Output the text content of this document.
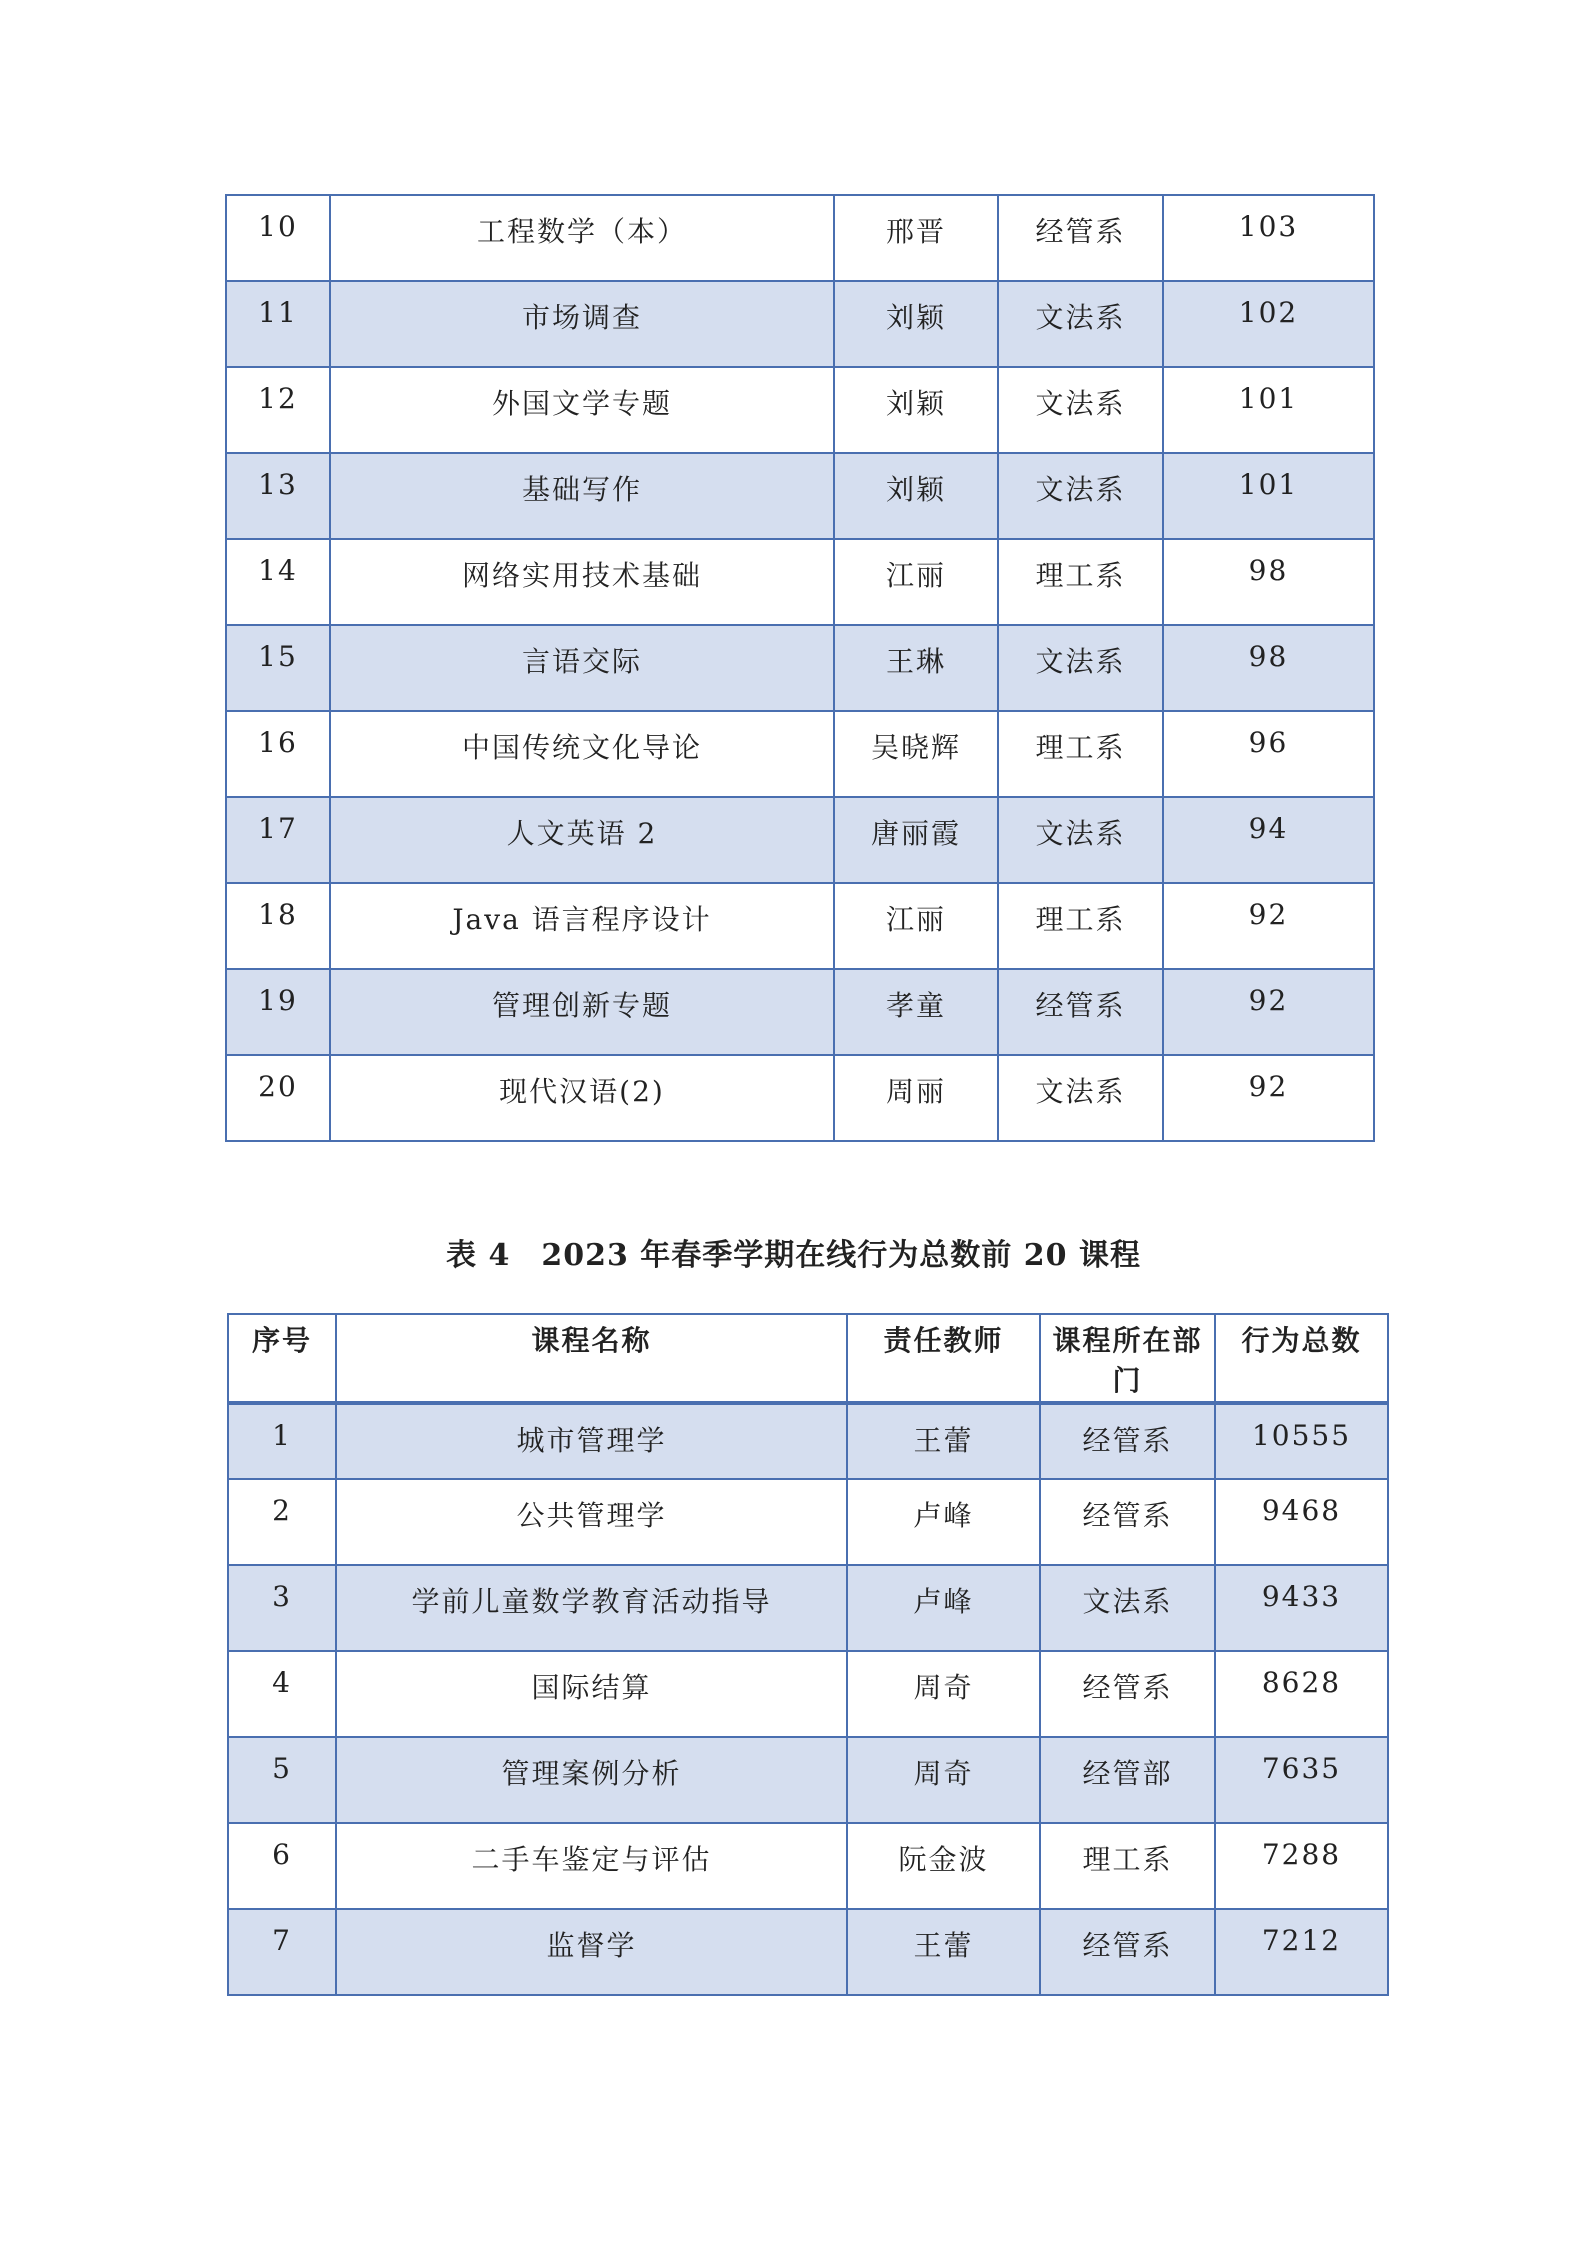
10	工程数学（本）	邢晋	经管系	103
11	市场调查	刘颖	文法系	102
12	外国文学专题	刘颖	文法系	101
13	基础写作	刘颖	文法系	101
14	网络实用技术基础	江丽	理工系	98
15	言语交际	王琳	文法系	98
16	中国传统文化导论	吴晓辉	理工系	96
17	人文英语 2	唐丽霞	文法系	94
18	Java 语言程序设计	江丽	理工系	92
19	管理创新专题	孝童	经管系	92
20	现代汉语(2)	周丽	文法系	92
表 4　2023 年春季学期在线行为总数前 20 课程
序号	课程名称	责任教师	课程所在部门	行为总数
1	城市管理学	王蕾	经管系	10555
2	公共管理学	卢峰	经管系	9468
3	学前儿童数学教育活动指导	卢峰	文法系	9433
4	国际结算	周奇	经管系	8628
5	管理案例分析	周奇	经管部	7635
6	二手车鉴定与评估	阮金波	理工系	7288
7	监督学	王蕾	经管系	7212
